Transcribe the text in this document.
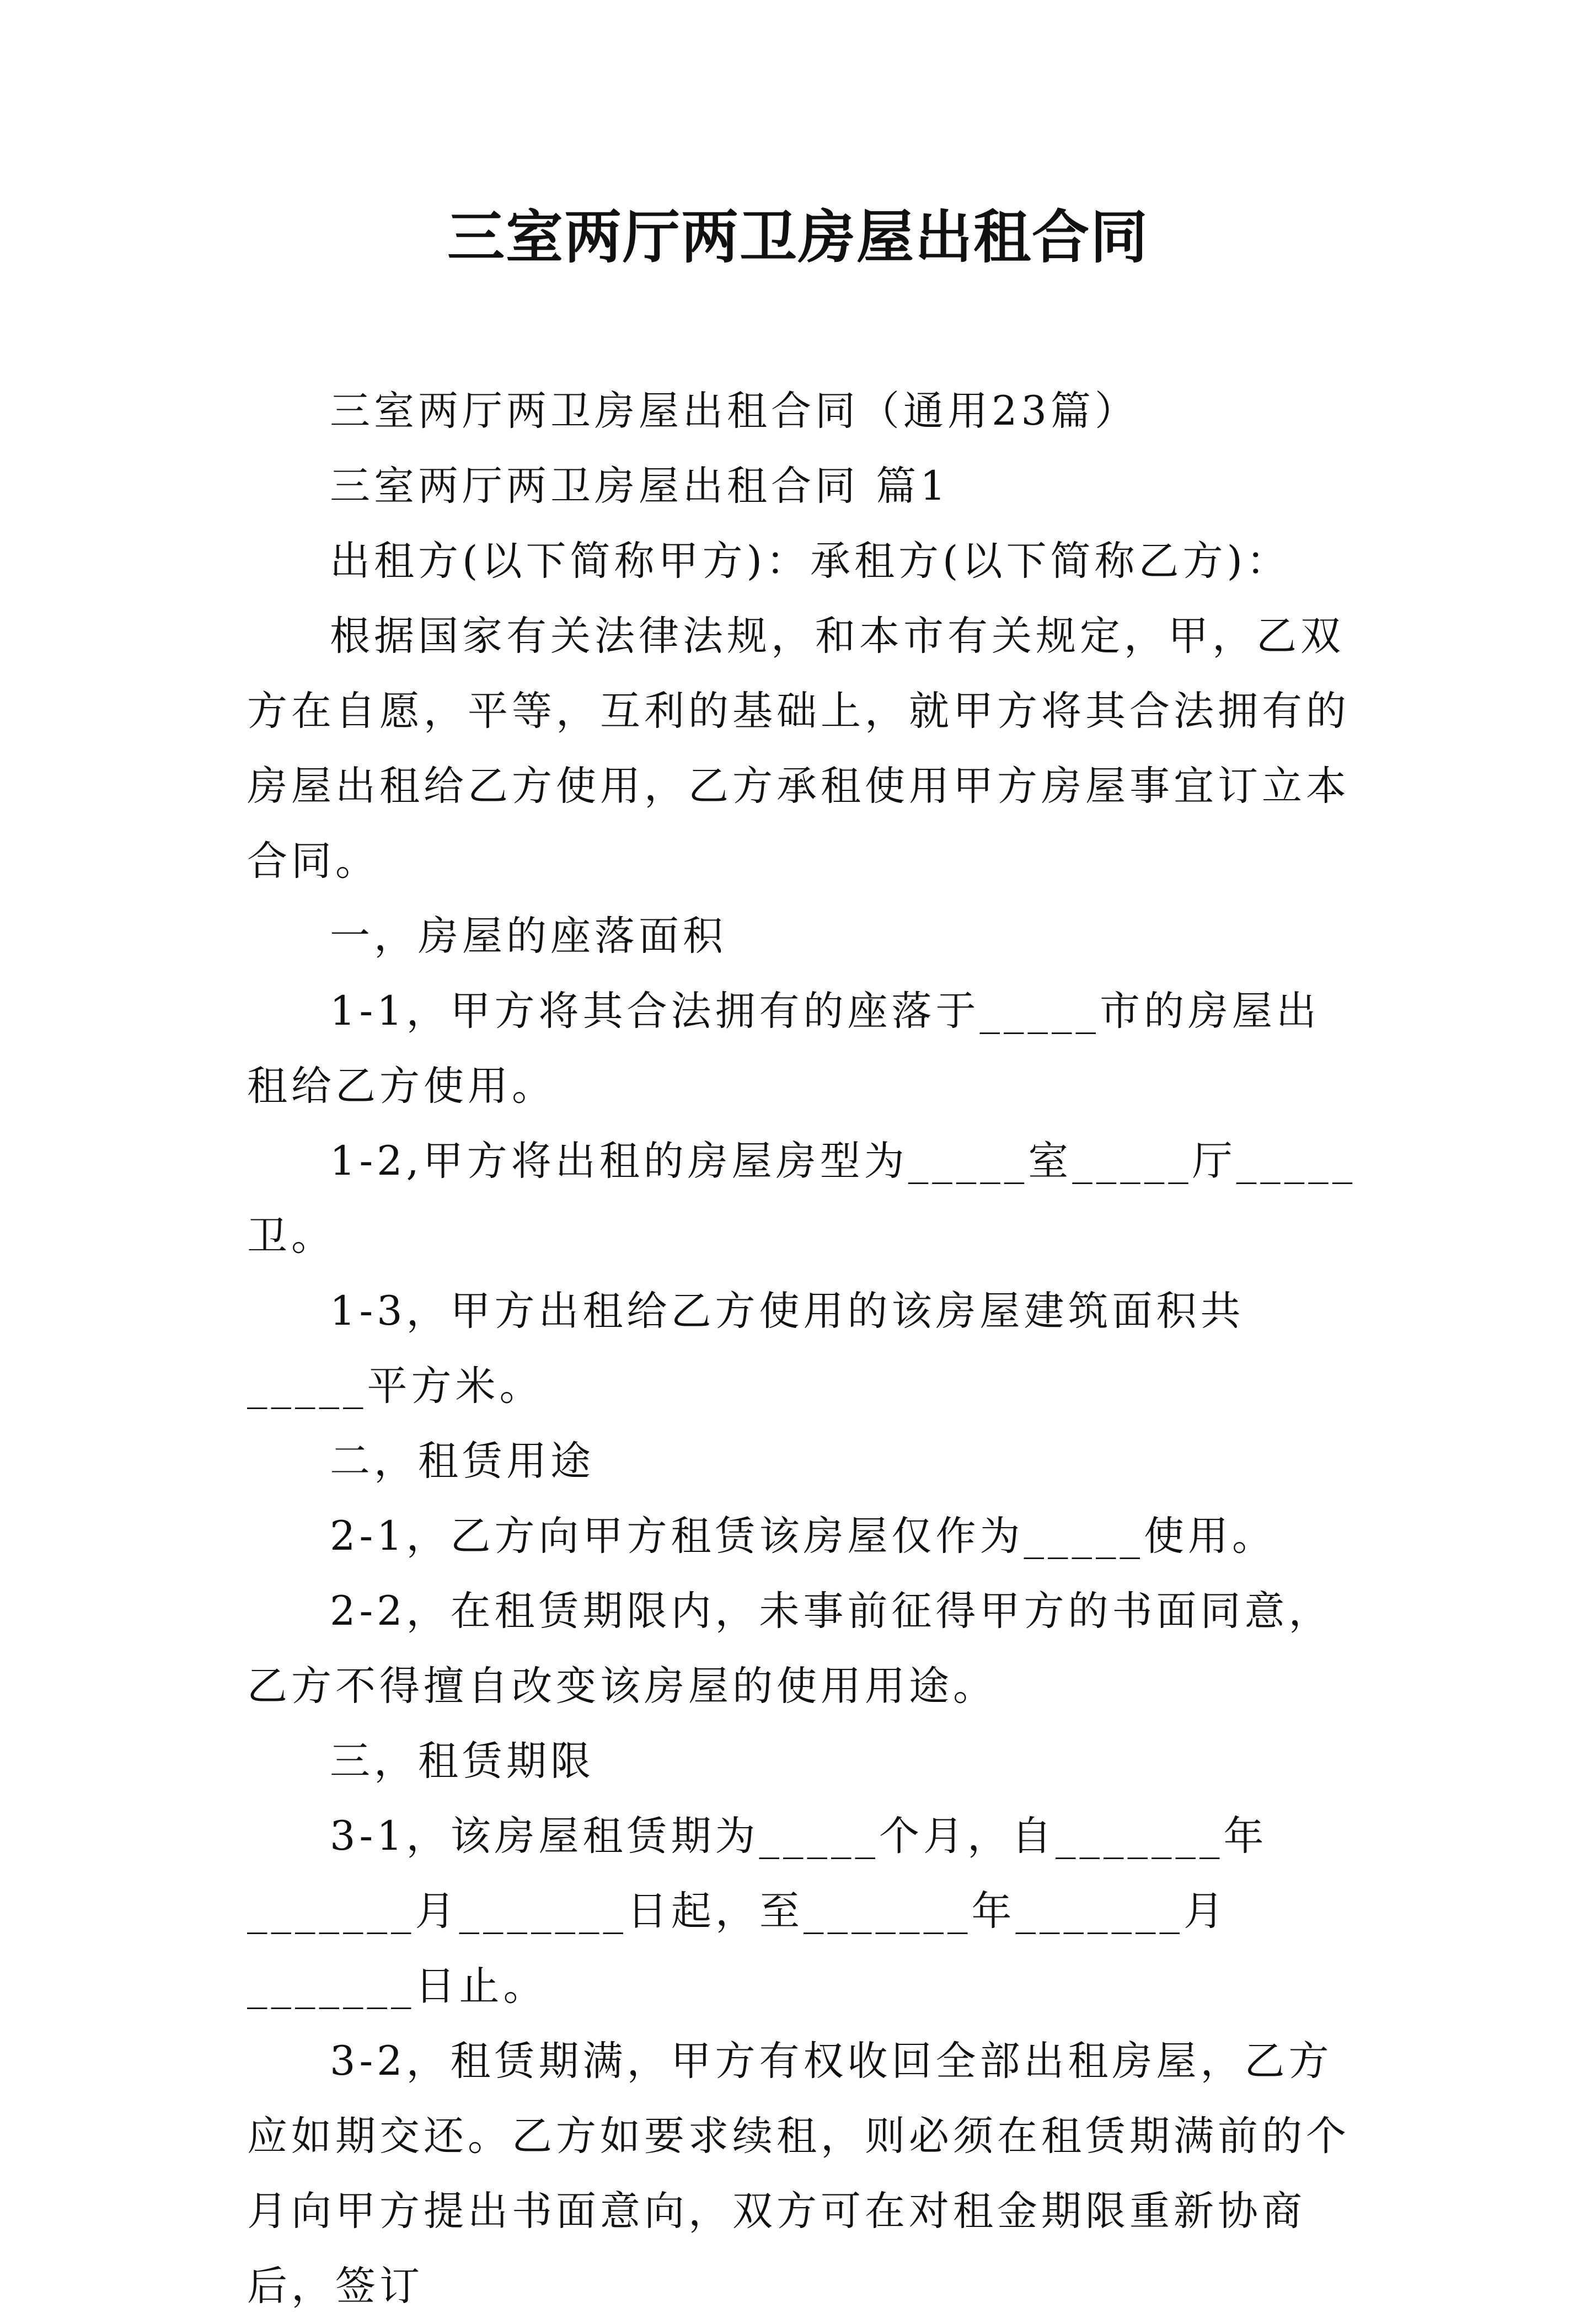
三室两厅两卫房屋出租合同

三室两厅两卫房屋出租合同（通用23篇）

三室两厅两卫房屋出租合同 篇1

出租方(以下简称甲方)：承租方(以下简称乙方)：

根据国家有关法律法规，和本市有关规定，甲，乙双方在自愿，平等，互利的基础上，就甲方将其合法拥有的房屋出租给乙方使用，乙方承租使用甲方房屋事宜订立本合同。

一，房屋的座落面积

1-1，甲方将其合法拥有的座落于_____市的房屋出租给乙方使用。

1-2,甲方将出租的房屋房型为_____室_____厅_____卫。

1-3，甲方出租给乙方使用的该房屋建筑面积共_____平方米。

二，租赁用途

2-1，乙方向甲方租赁该房屋仅作为_____使用。

2-2，在租赁期限内，未事前征得甲方的书面同意，乙方不得擅自改变该房屋的使用用途。

三，租赁期限

3-1，该房屋租赁期为_____个月，自_______年_______月_______日起，至_______年_______月_______日止。

3-2，租赁期满，甲方有权收回全部出租房屋，乙方应如期交还。乙方如要求续租，则必须在租赁期满前的个月向甲方提出书面意向，双方可在对租金期限重新协商后，签订
